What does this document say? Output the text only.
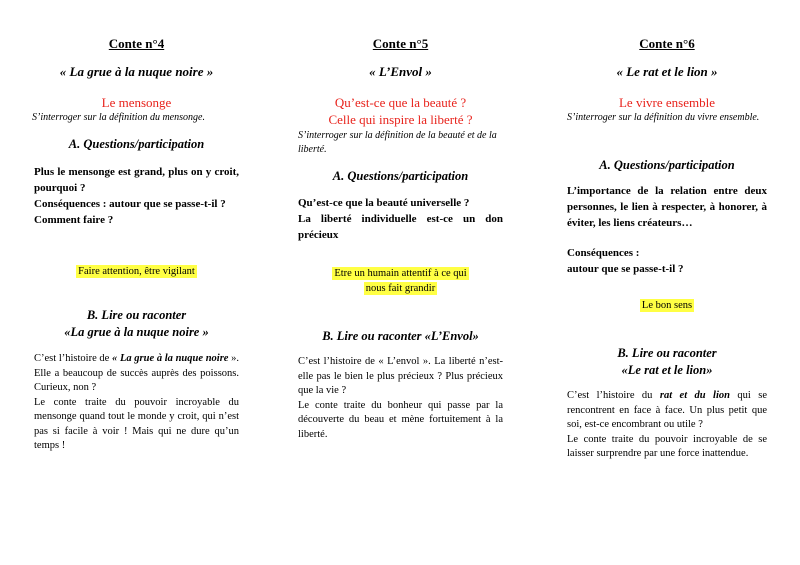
Conte n°4
« La grue à la nuque noire »
Le mensonge
S’interroger sur la définition du mensonge.
A. Questions/participation
Plus le mensonge est grand, plus on y croit, pourquoi ?
Conséquences : autour que se passe-t-il ?
Comment faire ?
Faire attention, être vigilant
B. Lire ou raconter
«La grue à la nuque noire »
C’est l’histoire de « La grue à la nuque noire ». Elle a beaucoup de succès auprès des poissons. Curieux, non ?
Le conte traite du pouvoir incroyable du mensonge quand tout le monde y croit, qui n’est pas si facile à voir ! Mais qui ne dure qu’un temps !
Conte n°5
« L’Envol »
Qu’est-ce que la beauté ?
Celle qui inspire la liberté ?
S’interroger sur la définition de la beauté et de la liberté.
A. Questions/participation
Qu’est-ce que la beauté universelle ?
La liberté individuelle est-ce un don précieux
Etre un humain attentif à ce qui
nous fait grandir
B. Lire ou raconter «L’Envol»
C’est l’histoire de « L’envol ». La liberté n’est-elle pas le bien le plus précieux ? Plus précieux que la vie ?
Le conte traite du bonheur qui passe par la découverte du beau et mène fortuitement à la liberté.
Conte n°6
« Le rat et le lion »
Le vivre ensemble
S’interroger sur la définition du vivre ensemble.
A. Questions/participation
L’importance de la relation entre deux personnes, le lien à respecter, à honorer, à éviter, les liens créateurs…
Conséquences :
autour que se passe-t-il ?
Le bon sens
B. Lire ou raconter
«Le rat et le lion»
C’est l’histoire du rat et du lion qui se rencontrent en face à face. Un plus petit que soi, est-ce encombrant ou utile ?
Le conte traite du pouvoir incroyable de se laisser surprendre par une force inattendue.
